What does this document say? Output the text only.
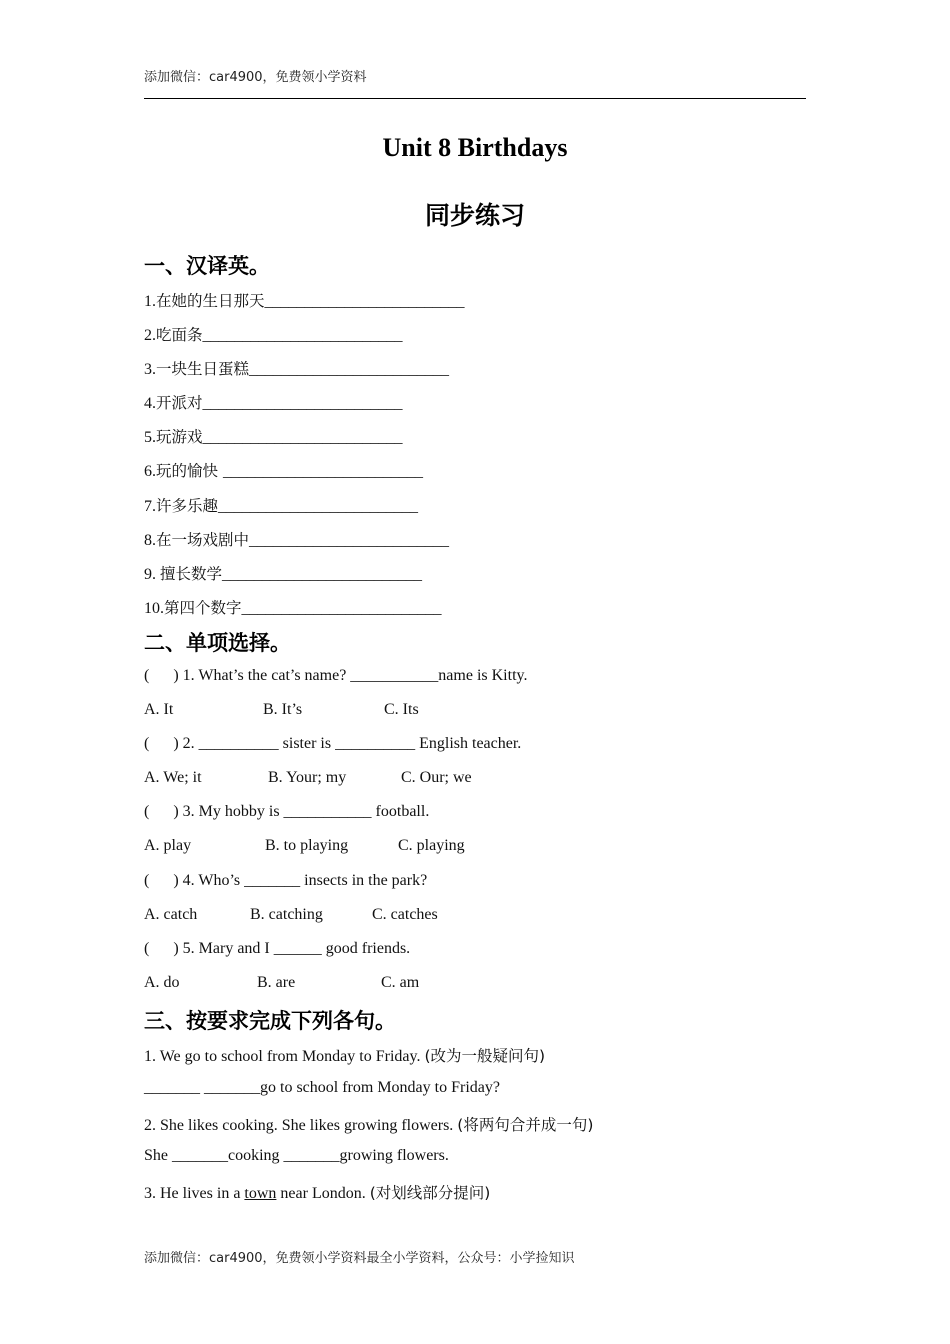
添加微信：car4900，免费领小学资料
Unit 8 Birthdays
同步练习
一、汉译英。
1.在她的生日那天_________________________
2.吃面条_________________________
3.一块生日蛋糕_________________________
4.开派对_________________________
5.玩游戏_________________________
6.玩的愉快 _________________________
7.许多乐趣_________________________
8.在一场戏剧中_________________________
9. 擅长数学_________________________
10.第四个数字_________________________
二、单项选择。
(      ) 1. What’s the cat’s name? ___________name is Kitty.
A. It	B. It’s	C. Its
(      ) 2. __________ sister is __________ English teacher.
A. We; it	B. Your; my	C. Our; we
(      ) 3. My hobby is ___________ football.
A. play	B. to playing	C. playing
(      ) 4. Who’s _______ insects in the park?
A. catch	B. catching	C. catches
(      ) 5. Mary and I ______ good friends.
A. do	B. are	C. am
三、按要求完成下列各句。
1. We go to school from Monday to Friday. (改为一般疑问句)
_______ _______go to school from Monday to Friday?
2. She likes cooking. She likes growing flowers. (将两句合并成一句)
She _______cooking _______growing flowers.
3. He lives in a town near London. (对划线部分提问)
添加微信：car4900，免费领小学资料最全小学资料，公众号：小学捡知识
